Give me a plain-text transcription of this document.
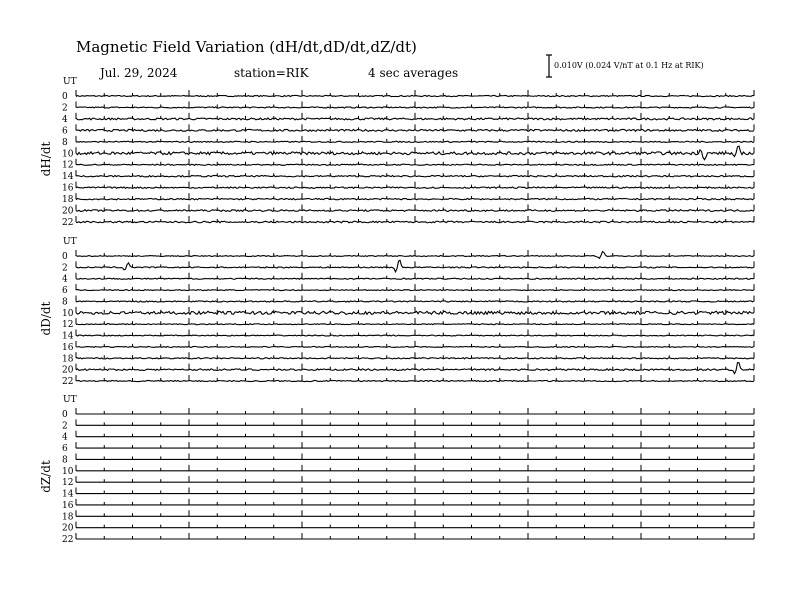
Magnetic Field Variation (dH/dt,dD/dt,dZ/dt)
Jul. 29, 2024	station=RIK	4 sec averages
0.010V (0.024 V/nT at 0.1 Hz at RIK)
UT
dH/dt
0
2
4
6
8
10
12
14
16
18
20
22
UT
dD/dt
0
2
4
6
8
10
12
14
16
18
20
22
UT
dZ/dt
0
2
4
6
8
10
12
14
16
18
20
22
